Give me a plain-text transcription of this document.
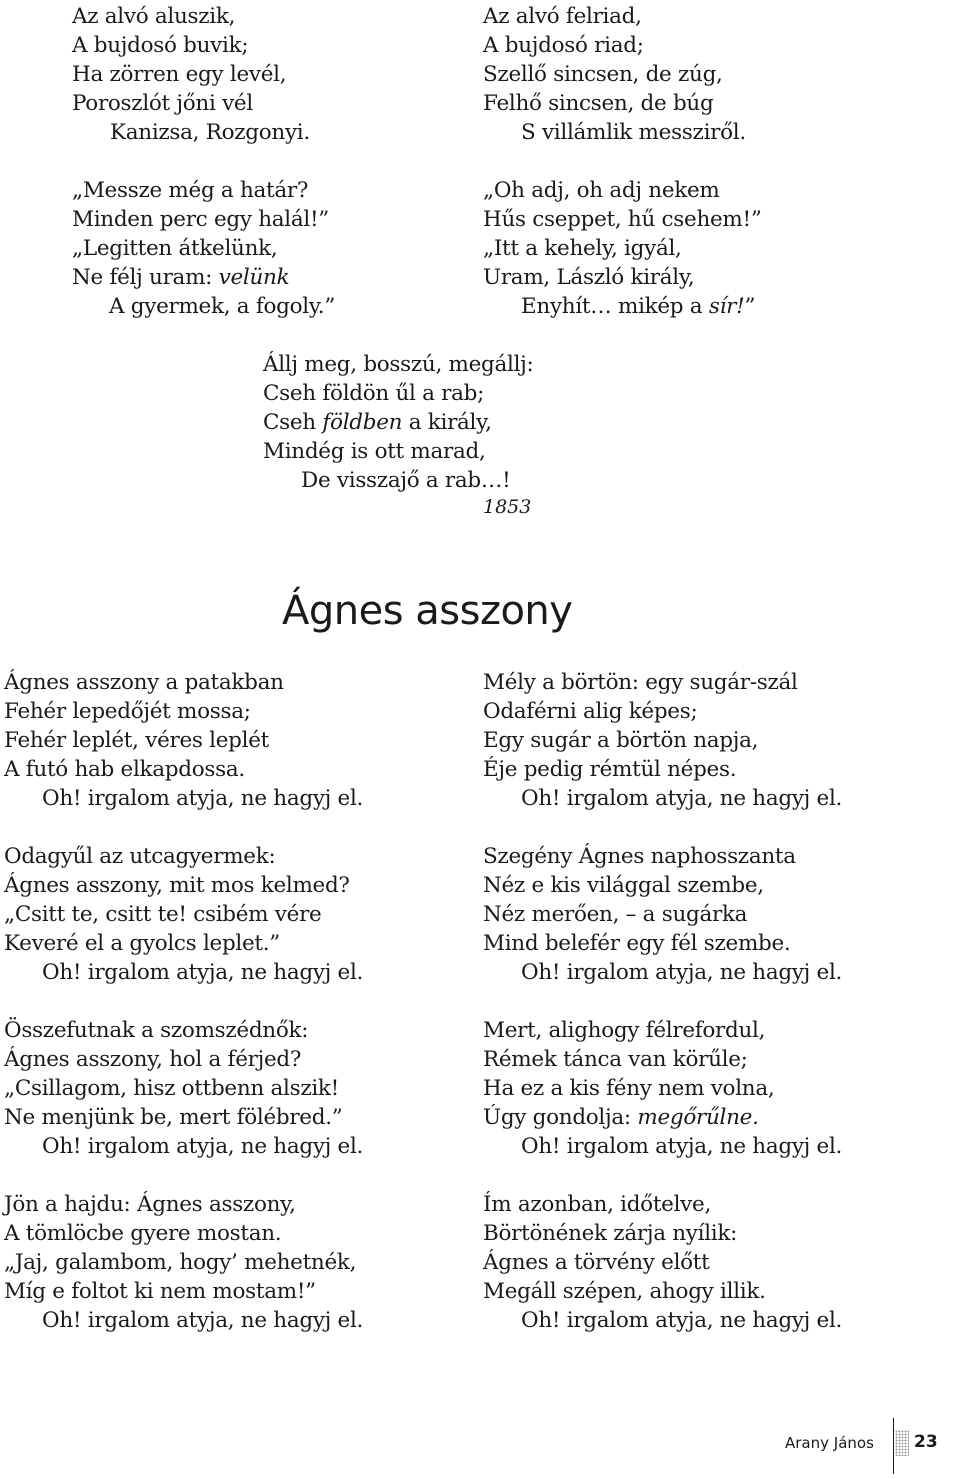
Az alvó aluszik,
A bujdosó buvik;
Ha zörren egy levél,
Poroszlót jőni vél
Kanizsa, Rozgonyi.
„Messze még a határ?
Minden perc egy halál!”
„Legitten átkelünk,
Ne félj uram: velünk
A gyermek, a fogoly.”
Az alvó felriad,
A bujdosó riad;
Szellő sincsen, de zúg,
Felhő sincsen, de búg
S villámlik messziről.
„Oh adj, oh adj nekem
Hűs cseppet, hű csehem!”
„Itt a kehely, igyál,
Uram, László király,
Enyhít… mikép a sír!”
Állj meg, bosszú, megállj:
Cseh földön űl a rab;
Cseh földben a király,
Mindég is ott marad,
De visszajő a rab…!
1853
Ágnes asszony
Ágnes asszony a patakban
Fehér lepedőjét mossa;
Fehér leplét, véres leplét
A futó hab elkapdossa.
Oh! irgalom atyja, ne hagyj el.
Odagyűl az utcagyermek:
Ágnes asszony, mit mos kelmed?
„Csitt te, csitt te! csibém vére
Keveré el a gyolcs leplet.”
Oh! irgalom atyja, ne hagyj el.
Összefutnak a szomszédnők:
Ágnes asszony, hol a férjed?
„Csillagom, hisz ottbenn alszik!
Ne menjünk be, mert fölébred.”
Oh! irgalom atyja, ne hagyj el.
Jön a hajdu: Ágnes asszony,
A tömlöcbe gyere mostan.
„Jaj, galambom, hogy’ mehetnék,
Míg e foltot ki nem mostam!”
Oh! irgalom atyja, ne hagyj el.
Mély a börtön: egy sugár-szál
Odaférni alig képes;
Egy sugár a börtön napja,
Éje pedig rémtül népes.
Oh! irgalom atyja, ne hagyj el.
Szegény Ágnes naphosszanta
Néz e kis világgal szembe,
Néz merően, – a sugárka
Mind belefér egy fél szembe.
Oh! irgalom atyja, ne hagyj el.
Mert, alighogy félrefordul,
Rémek tánca van körűle;
Ha ez a kis fény nem volna,
Úgy gondolja: megőrűlne.
Oh! irgalom atyja, ne hagyj el.
Ím azonban, időtelve,
Börtönének zárja nyílik:
Ágnes a törvény előtt
Megáll szépen, ahogy illik.
Oh! irgalom atyja, ne hagyj el.
Arany János 23
